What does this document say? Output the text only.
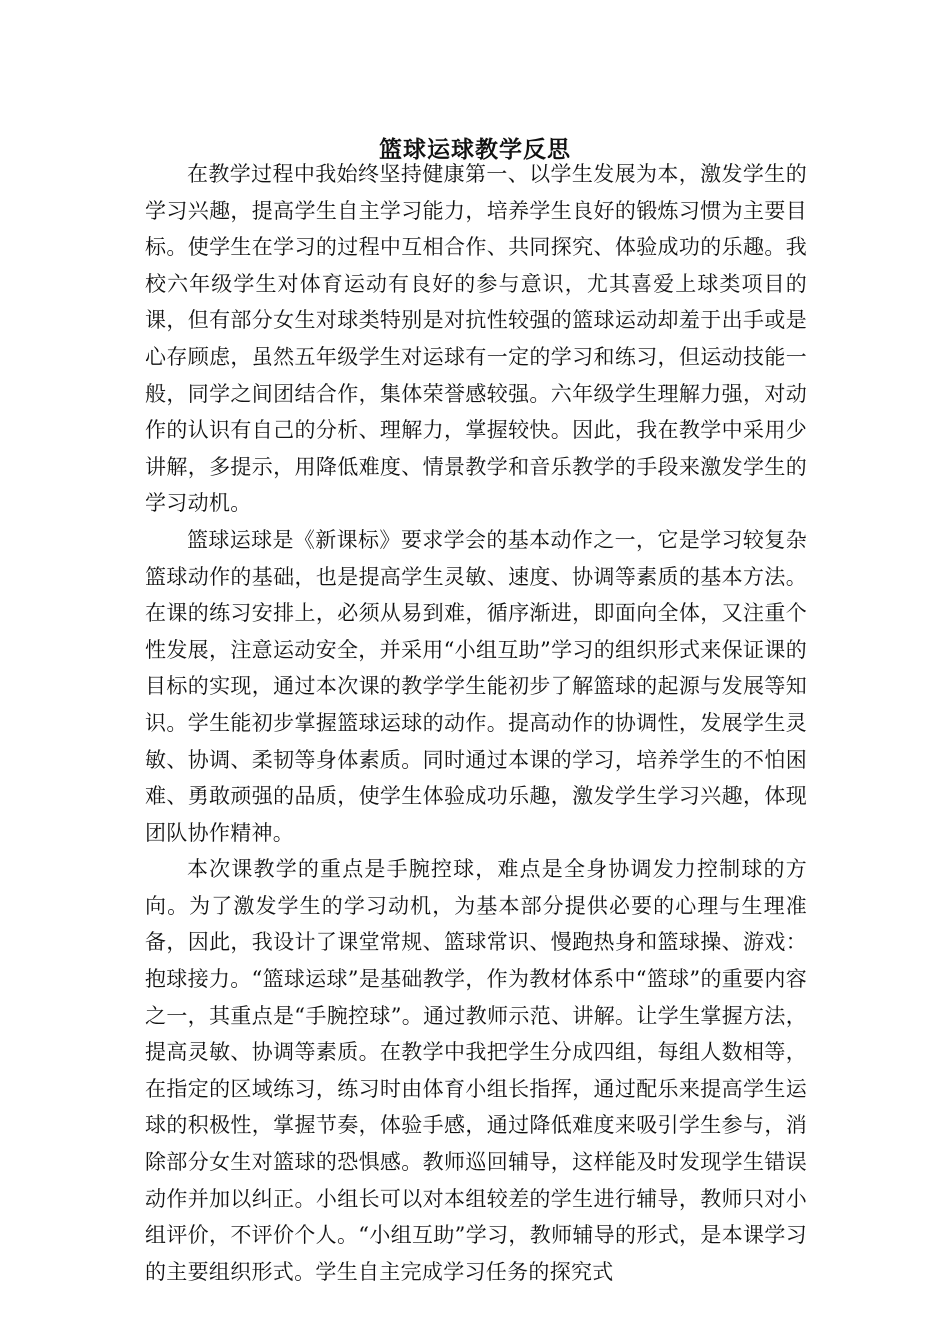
篮球运球教学反思

在教学过程中我始终坚持健康第一、以学生发展为本，激发学生的学习兴趣，提高学生自主学习能力，培养学生良好的锻炼习惯为主要目标。使学生在学习的过程中互相合作、共同探究、体验成功的乐趣。我校六年级学生对体育运动有良好的参与意识，尤其喜爱上球类项目的课，但有部分女生对球类特别是对抗性较强的篮球运动却羞于出手或是心存顾虑，虽然五年级学生对运球有一定的学习和练习，但运动技能一般，同学之间团结合作，集体荣誉感较强。六年级学生理解力强，对动作的认识有自己的分析、理解力，掌握较快。因此，我在教学中采用少讲解，多提示，用降低难度、情景教学和音乐教学的手段来激发学生的学习动机。

篮球运球是《新课标》要求学会的基本动作之一，它是学习较复杂篮球动作的基础，也是提高学生灵敏、速度、协调等素质的基本方法。在课的练习安排上，必须从易到难，循序渐进，即面向全体，又注重个性发展，注意运动安全，并采用“小组互助”学习的组织形式来保证课的目标的实现，通过本次课的教学学生能初步了解篮球的起源与发展等知识。学生能初步掌握篮球运球的动作。提高动作的协调性，发展学生灵敏、协调、柔韧等身体素质。同时通过本课的学习，培养学生的不怕困难、勇敢顽强的品质，使学生体验成功乐趣，激发学生学习兴趣，体现团队协作精神。

本次课教学的重点是手腕控球，难点是全身协调发力控制球的方向。为了激发学生的学习动机，为基本部分提供必要的心理与生理准备，因此，我设计了课堂常规、篮球常识、慢跑热身和篮球操、游戏：抱球接力。“篮球运球”是基础教学，作为教材体系中“篮球”的重要内容之一，其重点是“手腕控球”。通过教师示范、讲解。让学生掌握方法，提高灵敏、协调等素质。在教学中我把学生分成四组，每组人数相等，在指定的区域练习，练习时由体育小组长指挥，通过配乐来提高学生运球的积极性，掌握节奏，体验手感，通过降低难度来吸引学生参与，消除部分女生对篮球的恐惧感。教师巡回辅导，这样能及时发现学生错误动作并加以纠正。小组长可以对本组较差的学生进行辅导，教师只对小组评价，不评价个人。“小组互助”学习，教师辅导的形式，是本课学习的主要组织形式。学生自主完成学习任务的探究式
